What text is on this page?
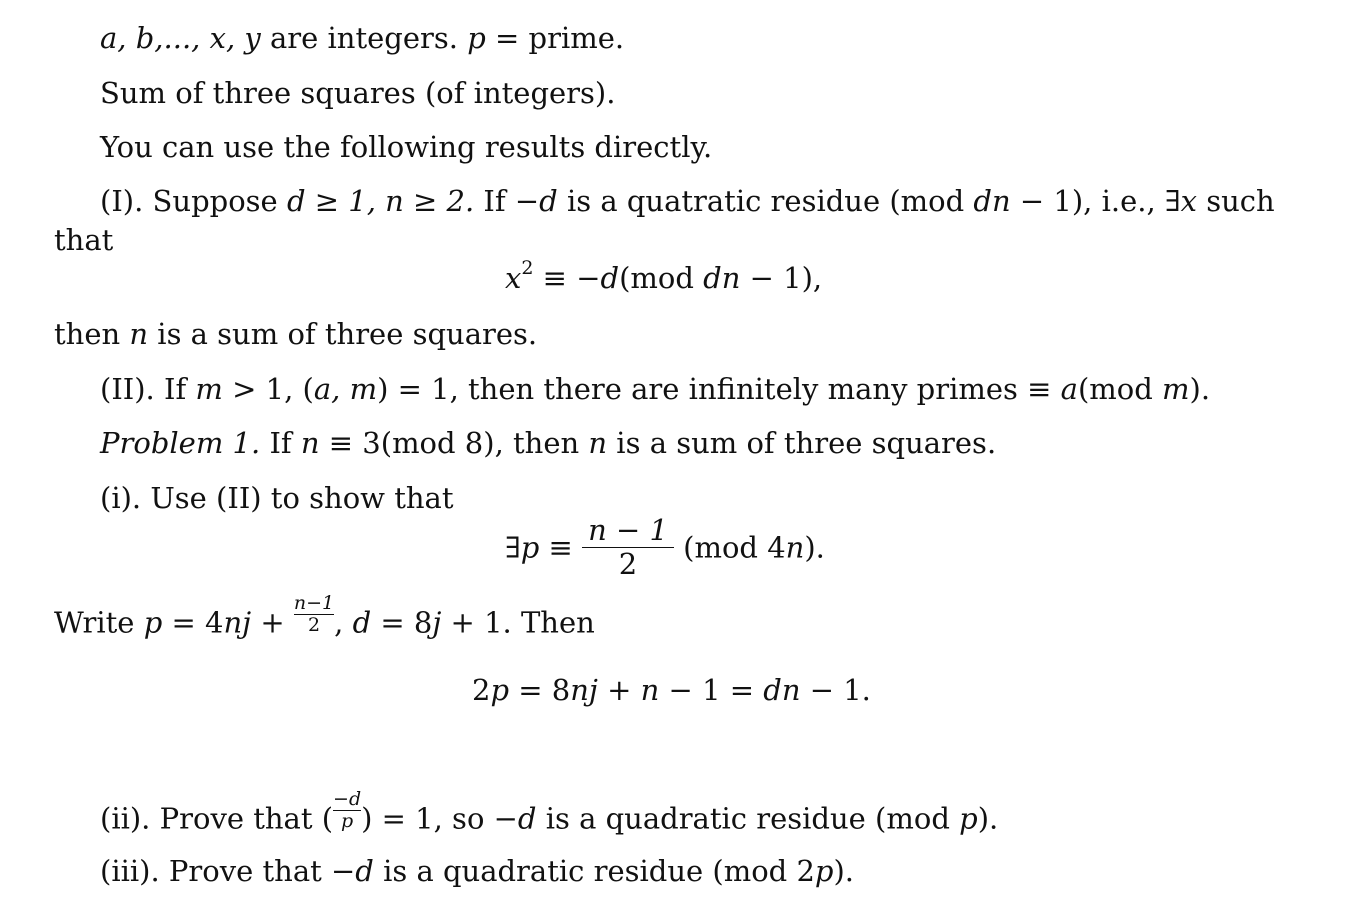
a, b,..., x, y are integers. p = prime.
Sum of three squares (of integers).
You can use the following results directly.
(I). Suppose d ≥ 1, n ≥ 2. If −d is a quatratic residue (mod dn − 1), i.e., ∃x such
that
$x^2 \equiv -d(mod$ dn − 1),
then n is a sum of three squares.
(II). If m > 1, (a, m) = 1, then there are infinitely many primes ≡ a(mod m).
Problem 1. If n ≡ 3(mod 8), then n is a sum of three squares.
(i). Use (II) to show that
∃p ≡ $\frac{n - 1}{2} (mod$ 4n).
Write $p = 4nj + \frac{n-1}{2}$ , d = 8j + 1. Then
2p = 8nj + n − 1 = dn − 1.
(ii). Prove that ( $\frac{-d}{p}$ ) = 1, so −d is a quadratic residue (mod p).
(iii). Prove that −d is a quadratic residue (mod 2p).
